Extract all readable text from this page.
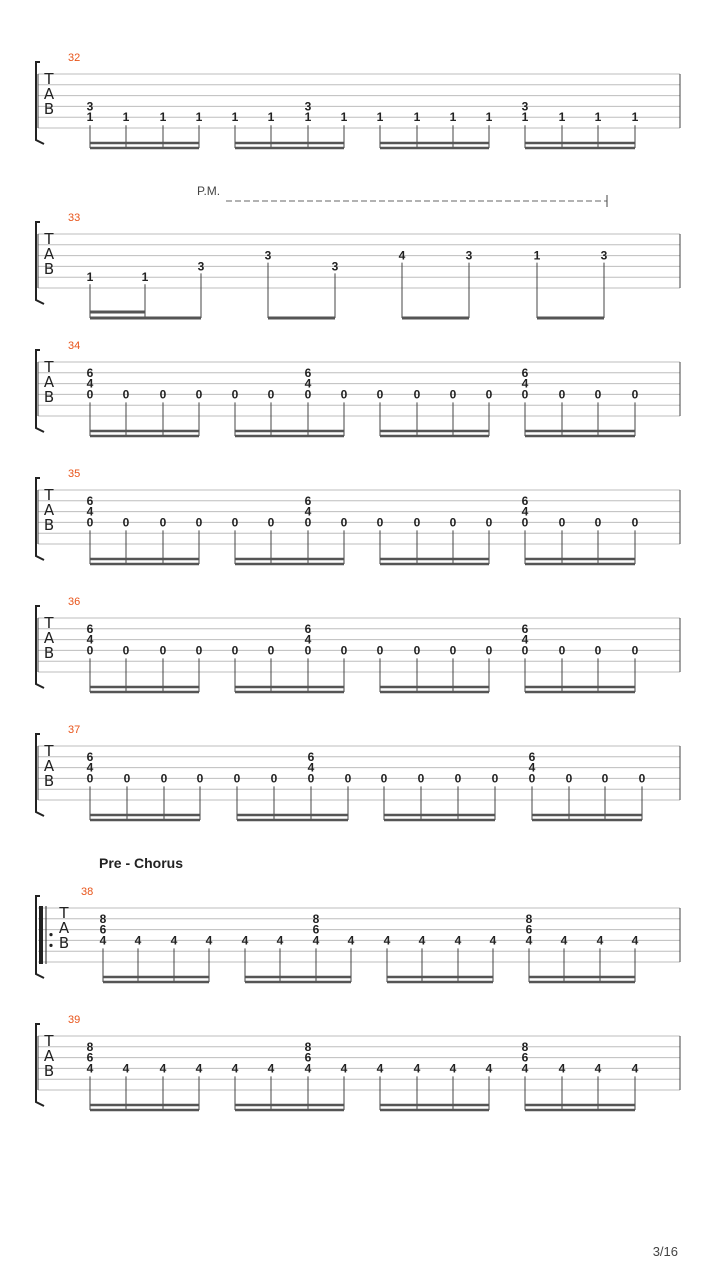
T
A
B
32
3
1 1	1 1 1 1
3
1 1 1	1 1 1
3
1	1 1	1
T
A
B
33
P.M.
1	1
3
3
3
4	3	1	3
T
A
B
34
6
4
0 0	0 0 0 0
6
4
0 0 0	0 0 0
6
4
0	0 0	0
T
A
B
35
6
4
0 0	0 0 0 0
6
4
0 0 0	0 0 0
6
4
0	0 0	0
T
A
B
36
6
4
0 0	0 0 0 0
6
4
0 0 0	0 0 0
6
4
0	0 0	0
T
A
B
37
6
4
0	0	0 0	0	0
6
4
0	0 0	0	0	0
6
4
0	0 0	0
T
A
B
38
Pre - Chorus
8
6
4 4 4 4 4 4
8
6
4 4 4 4 4 4
8
6
4 4 4 4
T
A
B
39
8
6
4 4	4 4 4 4
8
6
4 4 4	4 4 4
8
6
4	4 4	4
3/16
